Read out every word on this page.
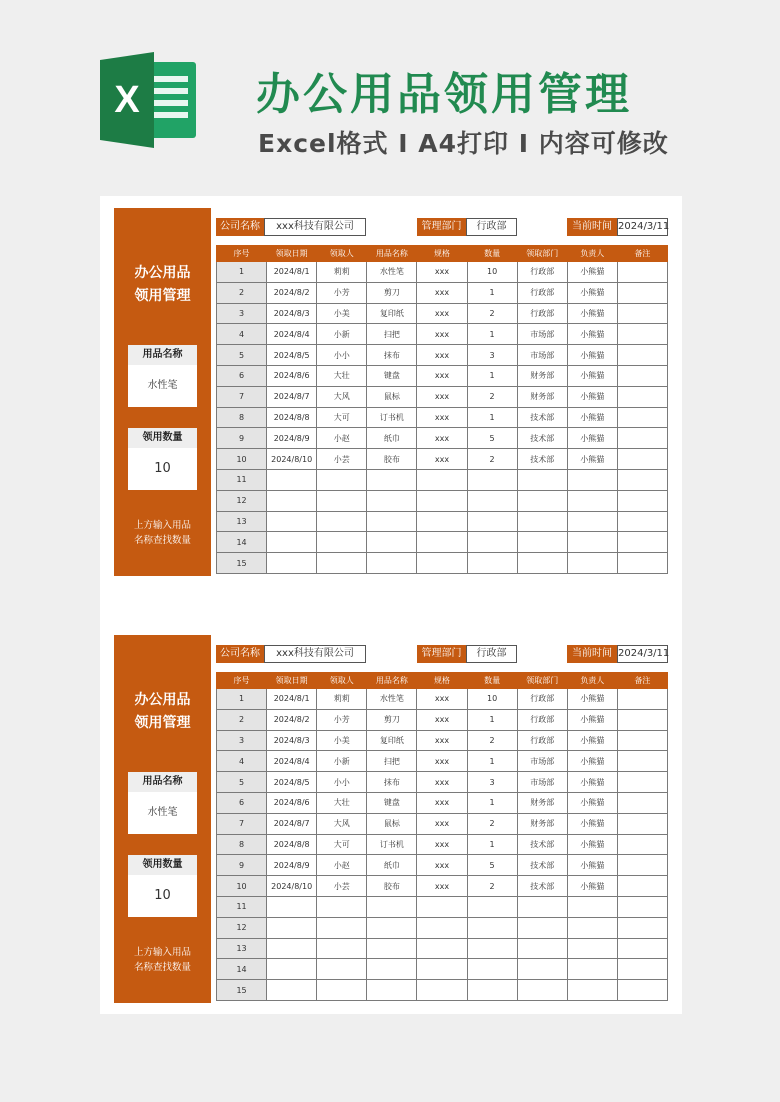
X	办公用品领用管理
Excel格式 I A4打印 I 内容可修改
办公用品
领用管理
用品名称
水性笔
领用数量
10
上方输入用品
名称查找数量
公司名称	xxx科技有限公司	管理部门	行政部	当前时间 2024/3/11
序号	领取日期	领取人	用品名称	规格	数量	领取部门	负责人	备注
1	2024/8/1	莉莉	水性笔	xxx	10	行政部	小熊猫	
2	2024/8/2	小芳	剪刀	xxx	1	行政部	小熊猫	
3	2024/8/3	小美	复印纸	xxx	2	行政部	小熊猫	
4	2024/8/4	小新	扫把	xxx	1	市场部	小熊猫	
5	2024/8/5	小小	抹布	xxx	3	市场部	小熊猫	
6	2024/8/6	大壮	键盘	xxx	1	财务部	小熊猫	
7	2024/8/7	大风	鼠标	xxx	2	财务部	小熊猫	
8	2024/8/8	大可	订书机	xxx	1	技术部	小熊猫	
9	2024/8/9	小赵	纸巾	xxx	5	技术部	小熊猫	
10	2024/8/10	小芸	胶布	xxx	2	技术部	小熊猫	
11								
12								
13								
14								
15								
办公用品
领用管理
用品名称
水性笔
领用数量
10
上方输入用品
名称查找数量
公司名称	xxx科技有限公司	管理部门	行政部	当前时间 2024/3/11
序号	领取日期	领取人	用品名称	规格	数量	领取部门	负责人	备注
1	2024/8/1	莉莉	水性笔	xxx	10	行政部	小熊猫	
2	2024/8/2	小芳	剪刀	xxx	1	行政部	小熊猫	
3	2024/8/3	小美	复印纸	xxx	2	行政部	小熊猫	
4	2024/8/4	小新	扫把	xxx	1	市场部	小熊猫	
5	2024/8/5	小小	抹布	xxx	3	市场部	小熊猫	
6	2024/8/6	大壮	键盘	xxx	1	财务部	小熊猫	
7	2024/8/7	大风	鼠标	xxx	2	财务部	小熊猫	
8	2024/8/8	大可	订书机	xxx	1	技术部	小熊猫	
9	2024/8/9	小赵	纸巾	xxx	5	技术部	小熊猫	
10	2024/8/10	小芸	胶布	xxx	2	技术部	小熊猫	
11								
12								
13								
14								
15								
